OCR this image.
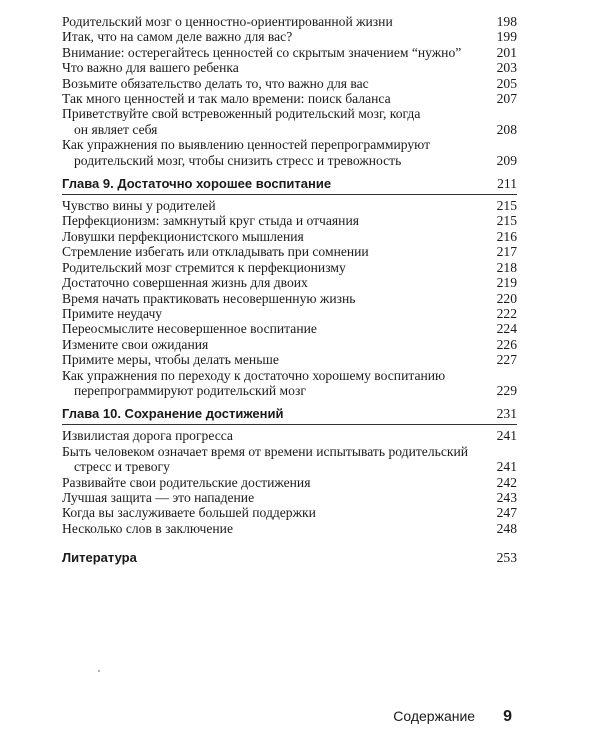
Родительский мозг о ценностно-ориентированной жизни	198
Итак, что на самом деле важно для вас?	199
Внимание: остерегайтесь ценностей со скрытым значением “нужно”	201
Что важно для вашего ребенка	203
Возьмите обязательство делать то, что важно для вас	205
Так много ценностей и так мало времени: поиск баланса	207
Приветствуйте свой встревоженный родительский мозг, когда
он являет себя	208
Как упражнения по выявлению ценностей перепрограммируют
родительский мозг, чтобы снизить стресс и тревожность	209
Глава 9. Достаточно хорошее воспитание	211
Чувство вины у родителей	215
Перфекционизм: замкнутый круг стыда и отчаяния	215
Ловушки перфекционистского мышления	216
Стремление избегать или откладывать при сомнении	217
Родительский мозг стремится к перфекционизму	218
Достаточно совершенная жизнь для двоих	219
Время начать практиковать несовершенную жизнь	220
Примите неудачу	222
Переосмыслите несовершенное воспитание	224
Измените свои ожидания	226
Примите меры, чтобы делать меньше	227
Как упражнения по переходу к достаточно хорошему воспитанию
перепрограммируют родительский мозг	229
Глава 10. Сохранение достижений	231
Извилистая дорога прогресса	241
Быть человеком означает время от времени испытывать родительский
стресс и тревогу	241
Развивайте свои родительские достижения	242
Лучшая защита — это нападение	243
Когда вы заслуживаете большей поддержки	247
Несколько слов в заключение	248
Литература	253
Содержание 9
